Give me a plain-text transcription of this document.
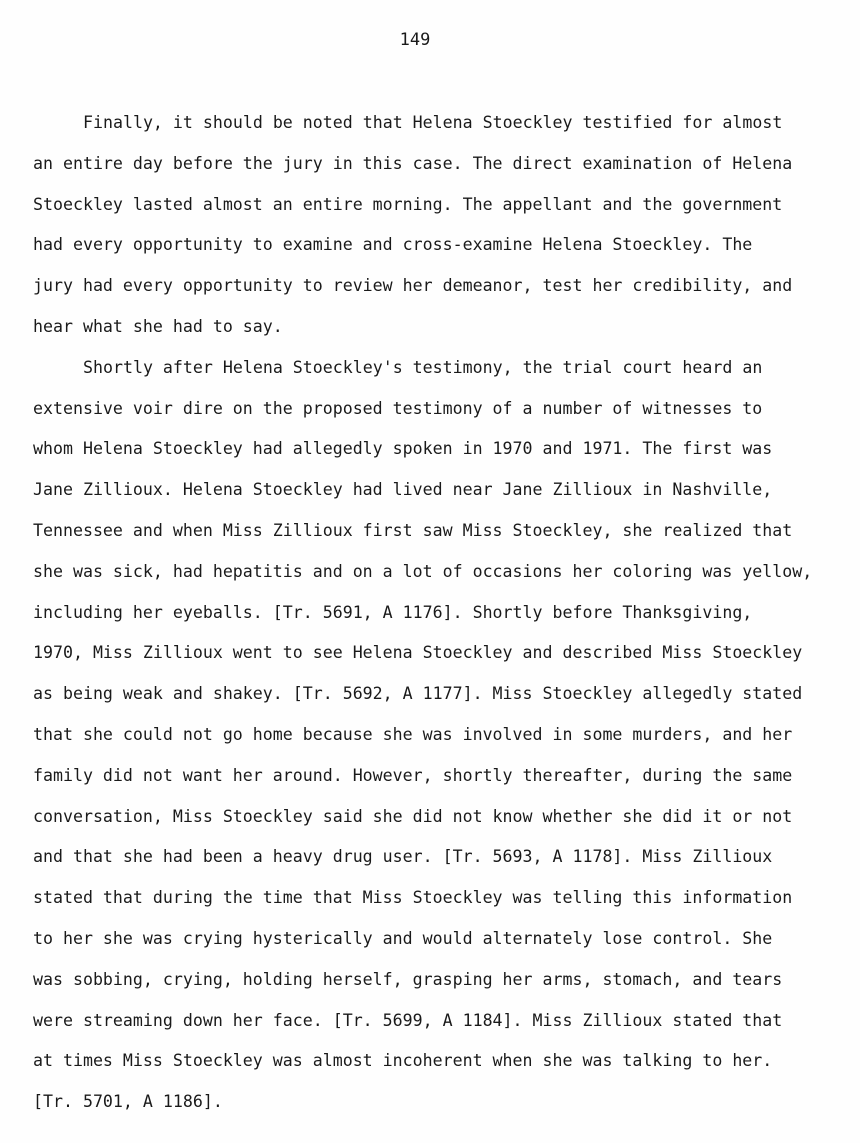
149
Finally, it should be noted that Helena Stoeckley testified for almost
an entire day before the jury in this case. The direct examination of Helena
Stoeckley lasted almost an entire morning. The appellant and the government
had every opportunity to examine and cross-examine Helena Stoeckley. The
jury had every opportunity to review her demeanor, test her credibility, and
hear what she had to say.
Shortly after Helena Stoeckley's testimony, the trial court heard an
extensive voir dire on the proposed testimony of a number of witnesses to
whom Helena Stoeckley had allegedly spoken in 1970 and 1971. The first was
Jane Zillioux. Helena Stoeckley had lived near Jane Zillioux in Nashville,
Tennessee and when Miss Zillioux first saw Miss Stoeckley, she realized that
she was sick, had hepatitis and on a lot of occasions her coloring was yellow,
including her eyeballs. [Tr. 5691, A 1176]. Shortly before Thanksgiving,
1970, Miss Zillioux went to see Helena Stoeckley and described Miss Stoeckley
as being weak and shakey. [Tr. 5692, A 1177]. Miss Stoeckley allegedly stated
that she could not go home because she was involved in some murders, and her
family did not want her around. However, shortly thereafter, during the same
conversation, Miss Stoeckley said she did not know whether she did it or not
and that she had been a heavy drug user. [Tr. 5693, A 1178]. Miss Zillioux
stated that during the time that Miss Stoeckley was telling this information
to her she was crying hysterically and would alternately lose control. She
was sobbing, crying, holding herself, grasping her arms, stomach, and tears
were streaming down her face. [Tr. 5699, A 1184]. Miss Zillioux stated that
at times Miss Stoeckley was almost incoherent when she was talking to her.
[Tr. 5701, A 1186].
